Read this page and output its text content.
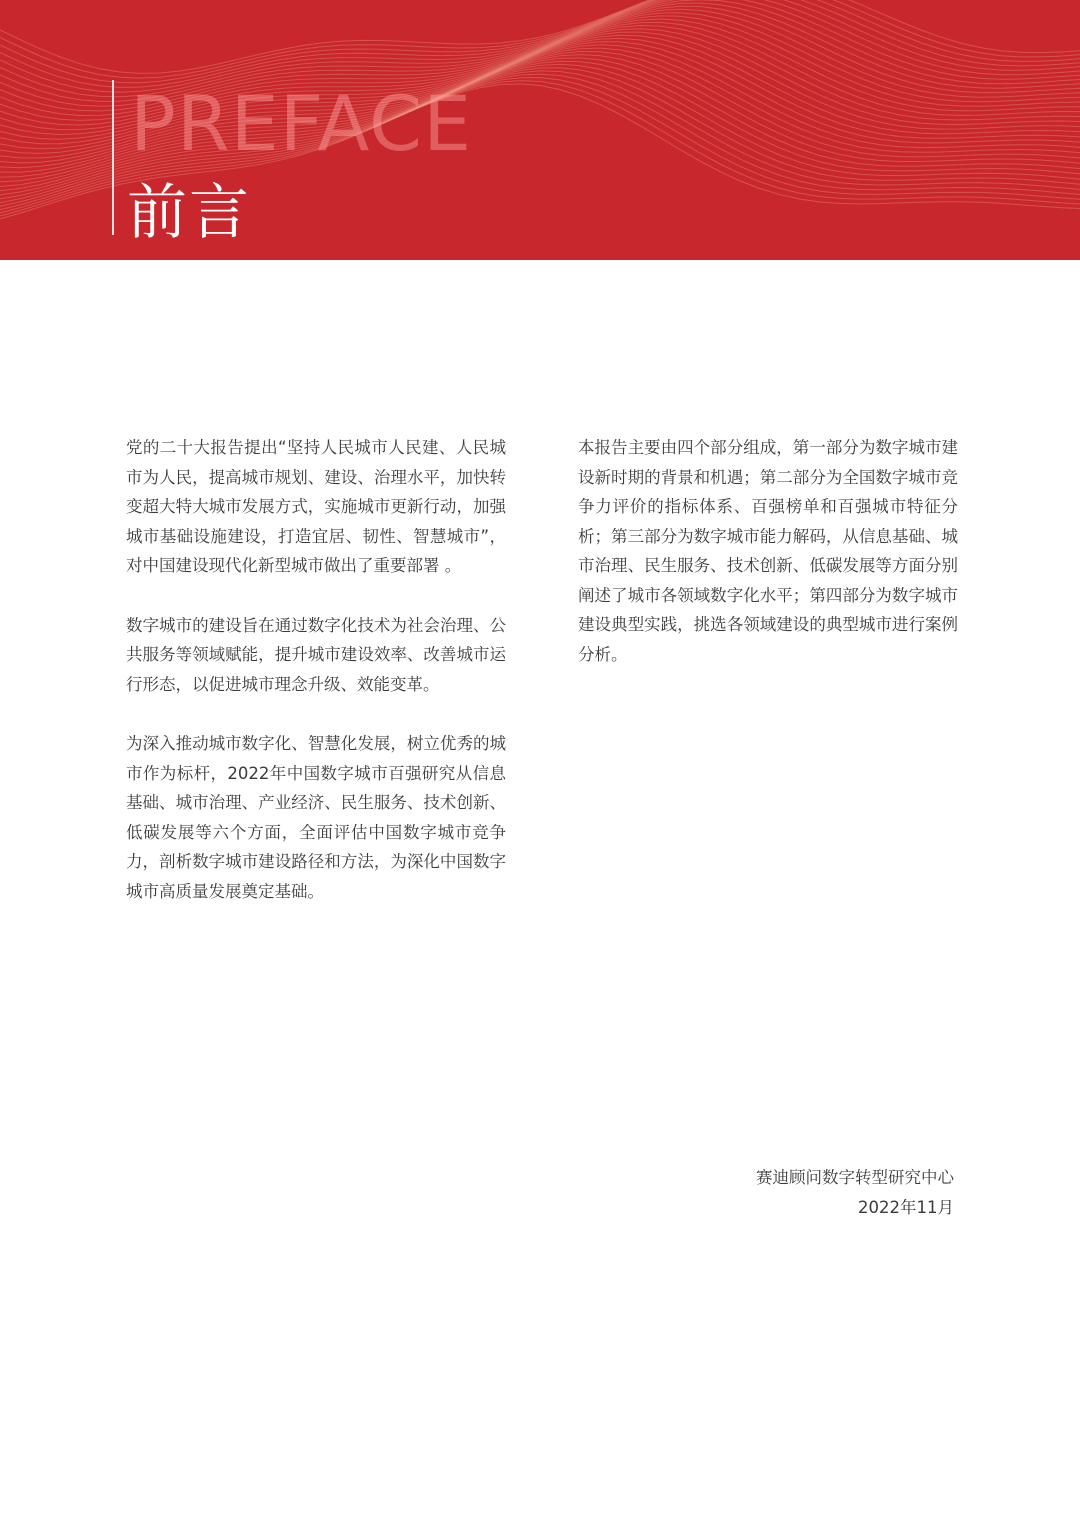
PREFACE
前言

党的二十大报告提出“坚持人民城市人民建、人民城市为人民，提高城市规划、建设、治理水平，加快转变超大特大城市发展方式，实施城市更新行动，加强城市基础设施建设，打造宜居、韧性、智慧城市”，对中国建设现代化新型城市做出了重要部署 。

数字城市的建设旨在通过数字化技术为社会治理、公共服务等领域赋能，提升城市建设效率、改善城市运行形态，以促进城市理念升级、效能变革。

为深入推动城市数字化、智慧化发展，树立优秀的城市作为标杆，2022年中国数字城市百强研究从信息基础、城市治理、产业经济、民生服务、技术创新、低碳发展等六个方面，全面评估中国数字城市竞争力，剖析数字城市建设路径和方法，为深化中国数字城市高质量发展奠定基础。

本报告主要由四个部分组成，第一部分为数字城市建设新时期的背景和机遇；第二部分为全国数字城市竞争力评价的指标体系、百强榜单和百强城市特征分析；第三部分为数字城市能力解码，从信息基础、城市治理、民生服务、技术创新、低碳发展等方面分别阐述了城市各领域数字化水平；第四部分为数字城市建设典型实践，挑选各领域建设的典型城市进行案例分析。

赛迪顾问数字转型研究中心
2022年11月
